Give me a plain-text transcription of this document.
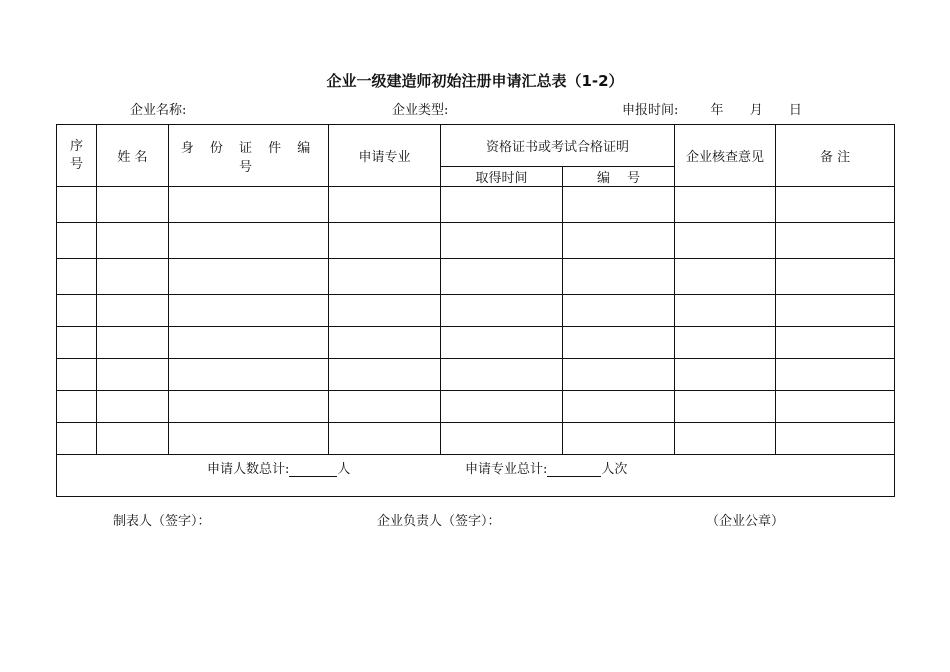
企业一级建造师初始注册申请汇总表（1-2）
企业名称:	企业类型:	申报时间: 年 月 日
序号	姓 名	身 份 证 件 编 号	申请专业	资格证书或考试合格证明		企业核查意见	备 注
				取得时间	编　 号		

申请人数总计: 人 申请专业总计: 人次							
制表人（签字）：	企业负责人（签字）：	（企业公章）
